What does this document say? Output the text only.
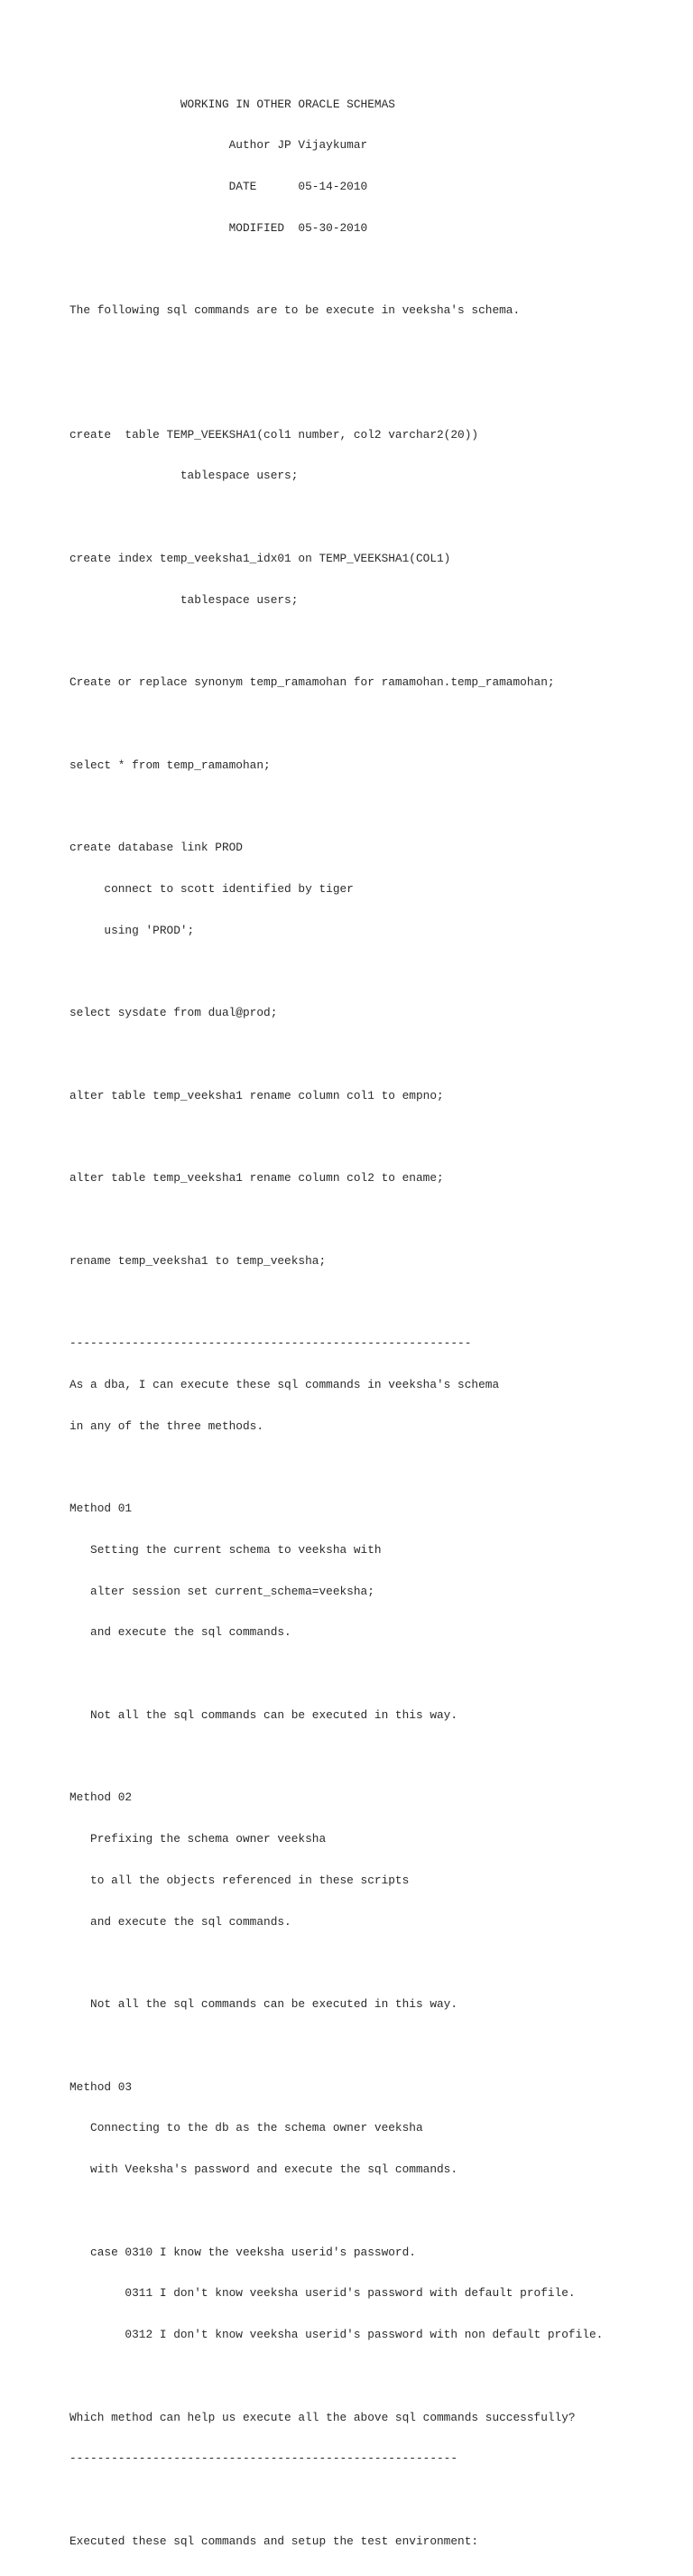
WORKING IN OTHER ORACLE SCHEMAS

Author JP Vijaykumar

DATE      05-14-2010

MODIFIED  05-30-2010

The following sql commands are to be execute in veeksha's schema.

create  table TEMP_VEEKSHA1(col1 number, col2 varchar2(20))

tablespace users;

create index temp_veeksha1_idx01 on TEMP_VEEKSHA1(COL1)

tablespace users;

Create or replace synonym temp_ramamohan for ramamohan.temp_ramamohan;

select * from temp_ramamohan;

create database link PROD

connect to scott identified by tiger

using 'PROD';

select sysdate from dual@prod;

alter table temp_veeksha1 rename column col1 to empno;

alter table temp_veeksha1 rename column col2 to ename;

rename temp_veeksha1 to temp_veeksha;

----------------------------------------------------------

As a dba, I can execute these sql commands in veeksha's schema

in any of the three methods.

Method 01

Setting the current schema to veeksha with

alter session set current_schema=veeksha;

and execute the sql commands.

Not all the sql commands can be executed in this way.

Method 02

Prefixing the schema owner veeksha

to all the objects referenced in these scripts

and execute the sql commands.

Not all the sql commands can be executed in this way.

Method 03

Connecting to the db as the schema owner veeksha

with Veeksha's password and execute the sql commands.

case 0310 I know the veeksha userid's password.

0311 I don't know veeksha userid's password with default profile.

0312 I don't know veeksha userid's password with non default profile.

Which method can help us execute all the above sql commands successfully?

--------------------------------------------------------

Executed these sql commands and setup the test environment:
